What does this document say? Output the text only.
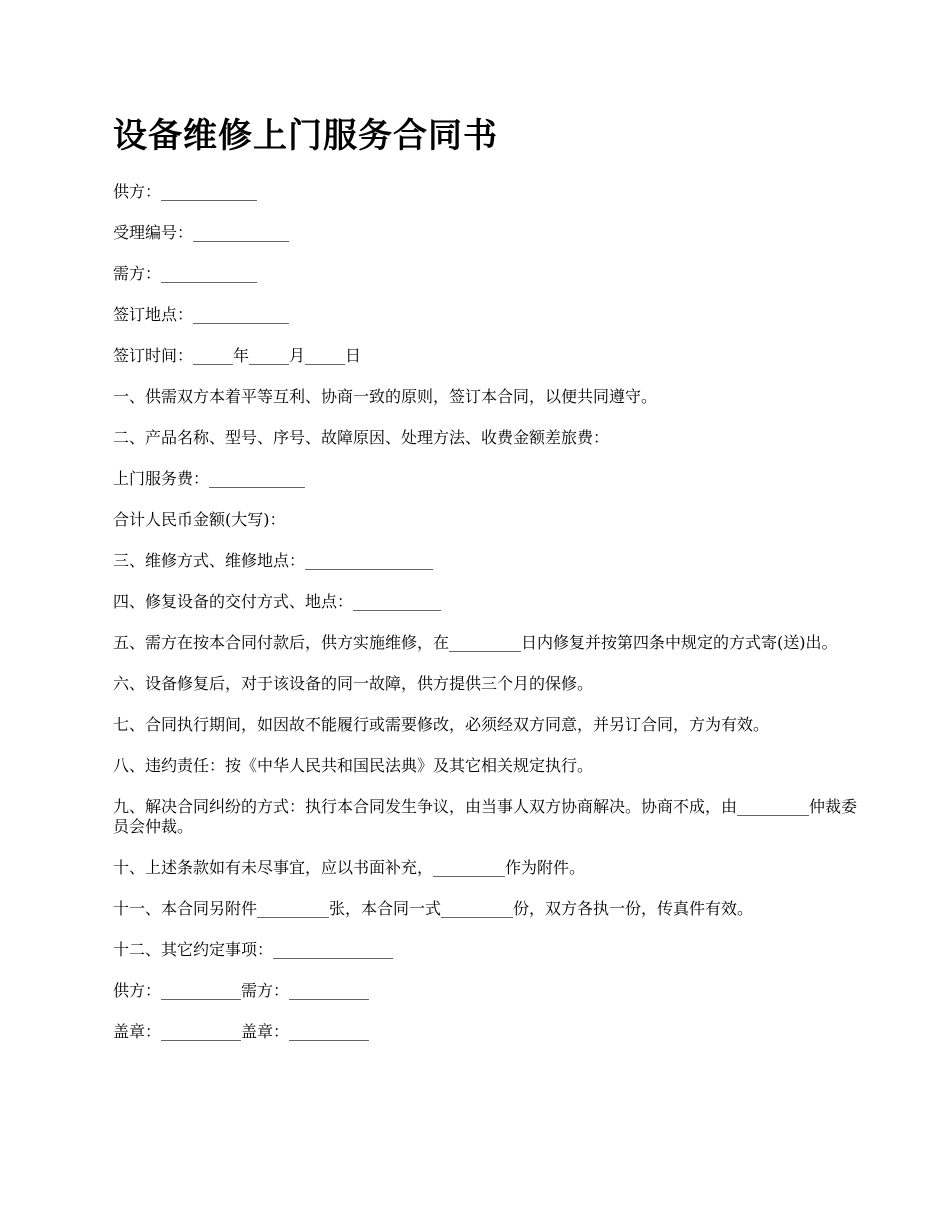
设备维修上门服务合同书

供方：____________

受理编号：____________

需方：____________

签订地点：____________

签订时间：_____年_____月_____日

一、供需双方本着平等互利、协商一致的原则，签订本合同，以便共同遵守。

二、产品名称、型号、序号、故障原因、处理方法、收费金额差旅费：

上门服务费：____________

合计人民币金额(大写)：

三、维修方式、维修地点：________________

四、修复设备的交付方式、地点：___________

五、需方在按本合同付款后，供方实施维修，在_________日内修复并按第四条中规定的方式寄(送)出。

六、设备修复后，对于该设备的同一故障，供方提供三个月的保修。

七、合同执行期间，如因故不能履行或需要修改，必须经双方同意，并另订合同，方为有效。

八、违约责任：按《中华人民共和国民法典》及其它相关规定执行。

九、解决合同纠纷的方式：执行本合同发生争议，由当事人双方协商解决。协商不成，由_________仲裁委员会仲裁。

十、上述条款如有未尽事宜，应以书面补充，_________作为附件。

十一、本合同另附件_________张，本合同一式_________份，双方各执一份，传真件有效。

十二、其它约定事项：_______________

供方：__________需方：__________

盖章：__________盖章：__________
